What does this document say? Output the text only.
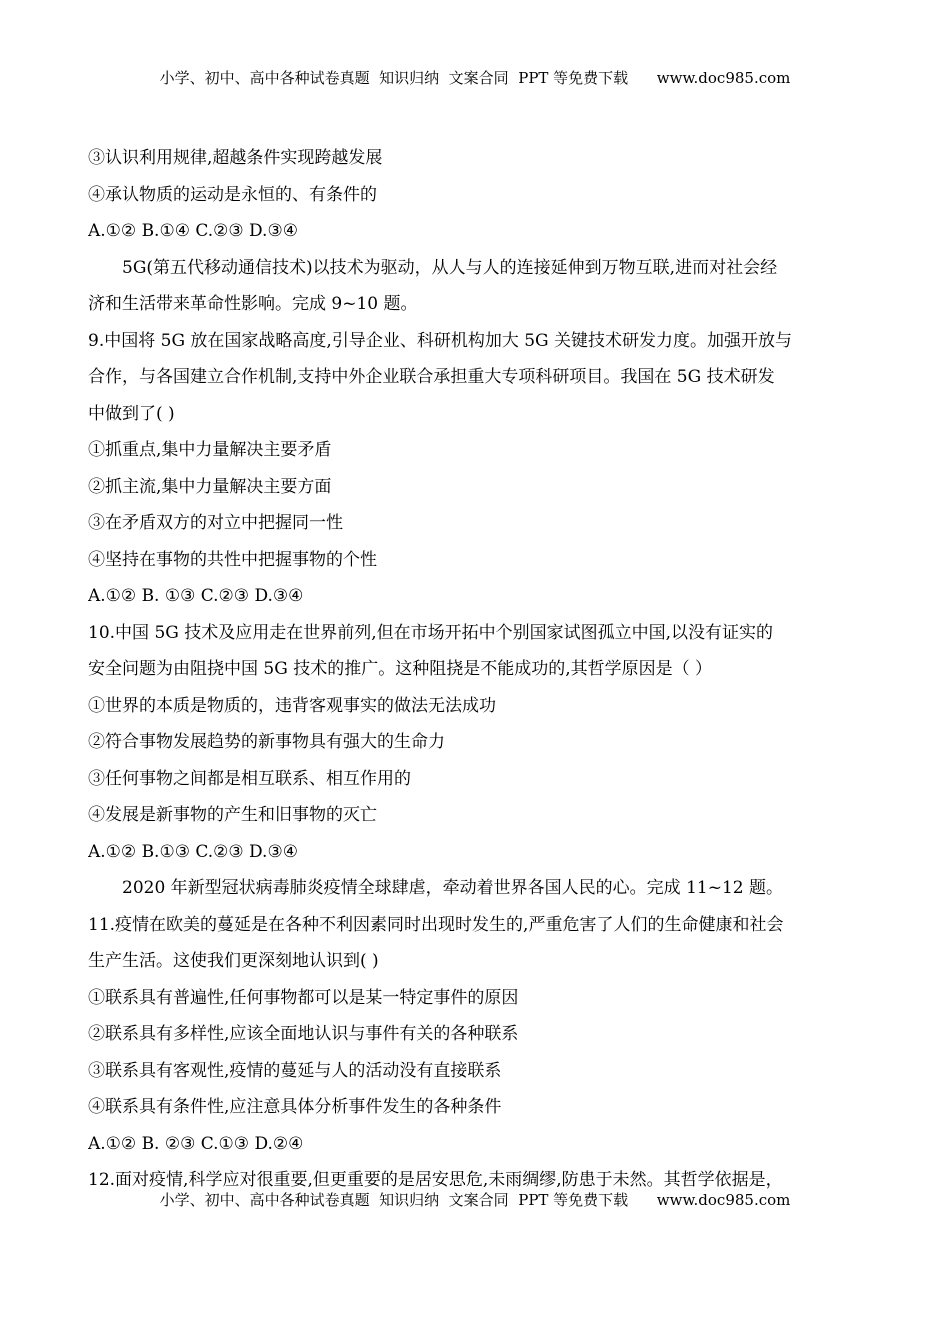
小学、初中、高中各种试卷真题  知识归纳  文案合同  PPT 等免费下载      www.doc985.com
③认识利用规律,超越条件实现跨越发展
④承认物质的运动是永恒的、有条件的
A.①② B.①④ C.②③ D.③④
5G(第五代移动通信技术)以技术为驱动，从人与人的连接延伸到万物互联,进而对社会经
济和生活带来革命性影响。完成 9~10 题。
9.中国将 5G 放在国家战略高度,引导企业、科研机构加大 5G 关键技术研发力度。加强开放与
合作，与各国建立合作机制,支持中外企业联合承担重大专项科研项目。我国在 5G 技术研发
中做到了( )
①抓重点,集中力量解决主要矛盾
②抓主流,集中力量解决主要方面
③在矛盾双方的对立中把握同一性
④坚持在事物的共性中把握事物的个性
A.①② B. ①③ C.②③ D.③④
10.中国 5G 技术及应用走在世界前列,但在市场开拓中个别国家试图孤立中国,以没有证实的
安全问题为由阻挠中国 5G 技术的推广。这种阻挠是不能成功的,其哲学原因是（ ）
①世界的本质是物质的，违背客观事实的做法无法成功
②符合事物发展趋势的新事物具有强大的生命力
③任何事物之间都是相互联系、相互作用的
④发展是新事物的产生和旧事物的灭亡
A.①② B.①③ C.②③ D.③④
2020 年新型冠状病毒肺炎疫情全球肆虐，牵动着世界各国人民的心。完成 11~12 题。
11.疫情在欧美的蔓延是在各种不利因素同时出现时发生的,严重危害了人们的生命健康和社会
生产生活。这使我们更深刻地认识到( )
①联系具有普遍性,任何事物都可以是某一特定事件的原因
②联系具有多样性,应该全面地认识与事件有关的各种联系
③联系具有客观性,疫情的蔓延与人的活动没有直接联系
④联系具有条件性,应注意具体分析事件发生的各种条件
A.①② B. ②③ C.①③ D.②④
12.面对疫情,科学应对很重要,但更重要的是居安思危,未雨绸缪,防患于未然。其哲学依据是，
小学、初中、高中各种试卷真题  知识归纳  文案合同  PPT 等免费下载      www.doc985.com
